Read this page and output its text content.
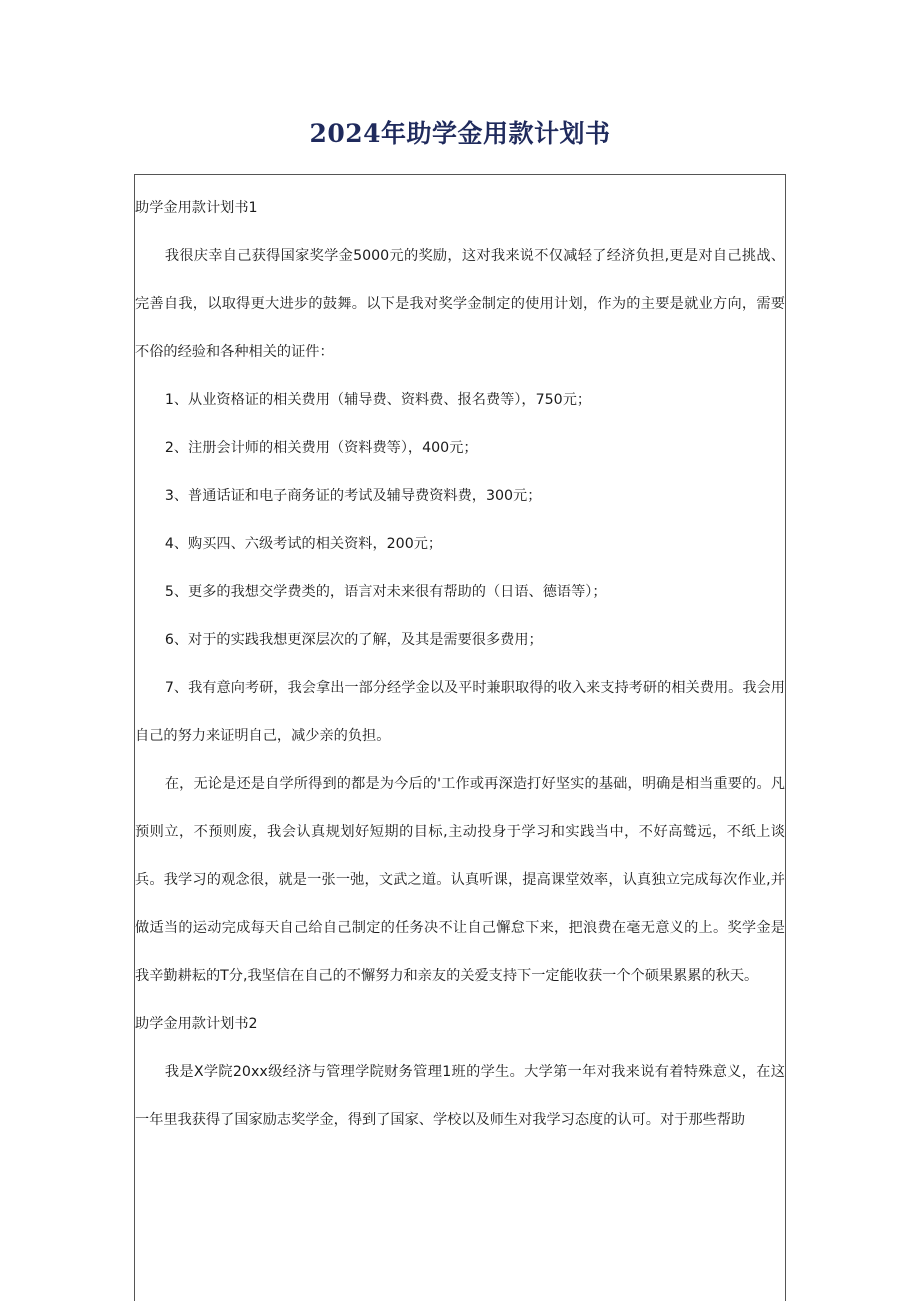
2024年助学金用款计划书

助学金用款计划书1

我很庆幸自己获得国家奖学金5000元的奖励，这对我来说不仅减轻了经济负担,更是对自己挑战、完善自我，以取得更大进步的鼓舞。以下是我对奖学金制定的使用计划，作为的主要是就业方向，需要不俗的经验和各种相关的证件：

1、从业资格证的相关费用（辅导费、资料费、报名费等），750元；

2、注册会计师的相关费用（资料费等），400元；

3、普通话证和电子商务证的考试及辅导费资料费，300元；

4、购买四、六级考试的相关资料，200元；

5、更多的我想交学费类的，语言对未来很有帮助的（日语、德语等）；

6、对于的实践我想更深层次的了解，及其是需要很多费用；

7、我有意向考研，我会拿出一部分经学金以及平时兼职取得的收入来支持考研的相关费用。我会用自己的努力来证明自己，减少亲的负担。

在，无论是还是自学所得到的都是为今后的'工作或再深造打好坚实的基础，明确是相当重要的。凡预则立，不预则废，我会认真规划好短期的目标,主动投身于学习和实践当中，不好高鹫远，不纸上谈兵。我学习的观念很，就是一张一弛，文武之道。认真听课，提高课堂效率，认真独立完成每次作业,并做适当的运动完成每天自己给自己制定的任务决不让自己懈怠下来，把浪费在毫无意义的上。奖学金是我辛勤耕耘的T分,我坚信在自己的不懈努力和亲友的关爱支持下一定能收获一个个硕果累累的秋天。

助学金用款计划书2

我是X学院20xx级经济与管理学院财务管理1班的学生。大学第一年对我来说有着特殊意义，在这一年里我获得了国家励志奖学金，得到了国家、学校以及师生对我学习态度的认可。对于那些帮助
